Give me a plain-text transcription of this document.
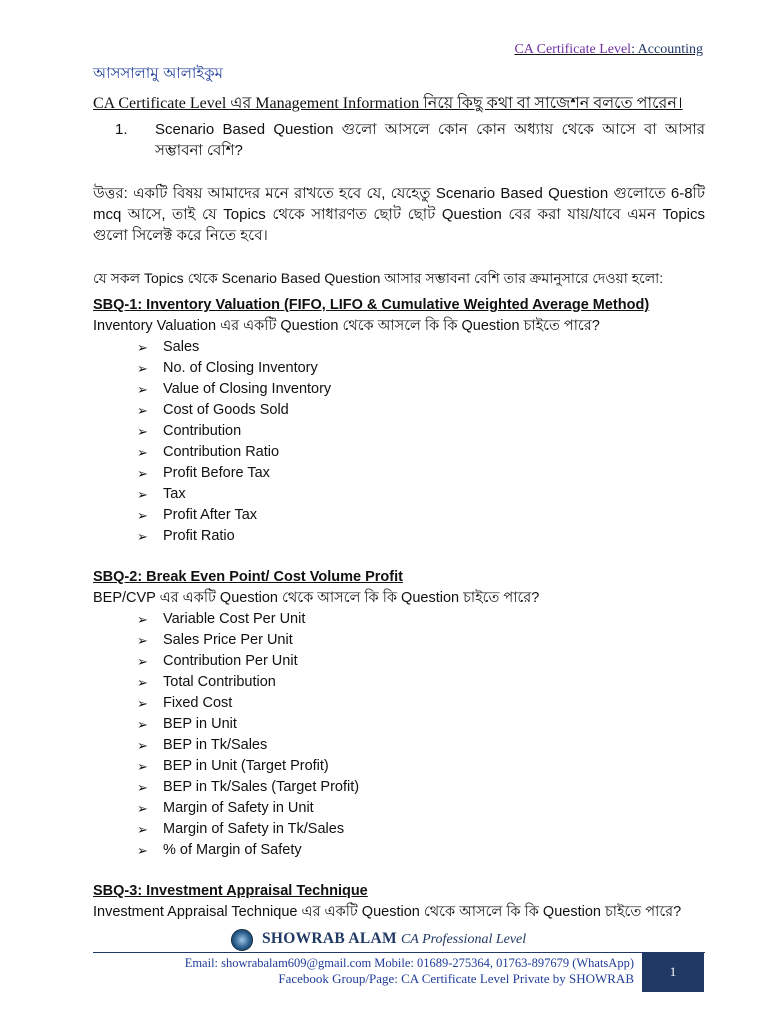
CA Certificate Level: Accounting

আসসালামু আলাইকুম

CA Certificate Level এর Management Information নিয়ে কিছু কথা বা সাজেশন বলতে পারেন।

1.	Scenario Based Question গুলো আসলে কোন কোন অধ্যায় থেকে আসে বা আসার সম্ভাবনা বেশি?

উত্তর: একটি বিষয় আমাদের মনে রাখতে হবে যে, যেহেতু Scenario Based Question গুলোতে 6-8টি mcq আসে, তাই যে Topics থেকে সাধারণত ছোট ছোট Question বের করা যায়/যাবে এমন Topics গুলো সিলেক্ট করে নিতে হবে।

যে সকল Topics থেকে Scenario Based Question আসার সম্ভাবনা বেশি তার ক্রমানুসারে দেওয়া হলো:

SBQ-1: Inventory Valuation (FIFO, LIFO & Cumulative Weighted Average Method)

Inventory Valuation এর একটি Question থেকে আসলে কি কি Question চাইতে পারে?

➢	Sales
➢	No. of Closing Inventory
➢	Value of Closing Inventory
➢	Cost of Goods Sold
➢	Contribution
➢	Contribution Ratio
➢	Profit Before Tax
➢	Tax
➢	Profit After Tax
➢	Profit Ratio

SBQ-2: Break Even Point/ Cost Volume Profit

BEP/CVP এর একটি Question থেকে আসলে কি কি Question চাইতে পারে?

➢	Variable Cost Per Unit
➢	Sales Price Per Unit
➢	Contribution Per Unit
➢	Total Contribution
➢	Fixed Cost
➢	BEP in Unit
➢	BEP in Tk/Sales
➢	BEP in Unit (Target Profit)
➢	BEP in Tk/Sales (Target Profit)
➢	Margin of Safety in Unit
➢	Margin of Safety in Tk/Sales
➢	% of Margin of Safety

SBQ-3: Investment Appraisal Technique

Investment Appraisal Technique এর একটি Question থেকে আসলে কি কি Question চাইতে পারে?

SHOWRAB ALAM CA Professional Level
Email: showrabalam609@gmail.com Mobile: 01689-275364, 01763-897679 (WhatsApp)
Facebook Group/Page: CA Certificate Level Private by SHOWRAB	1
